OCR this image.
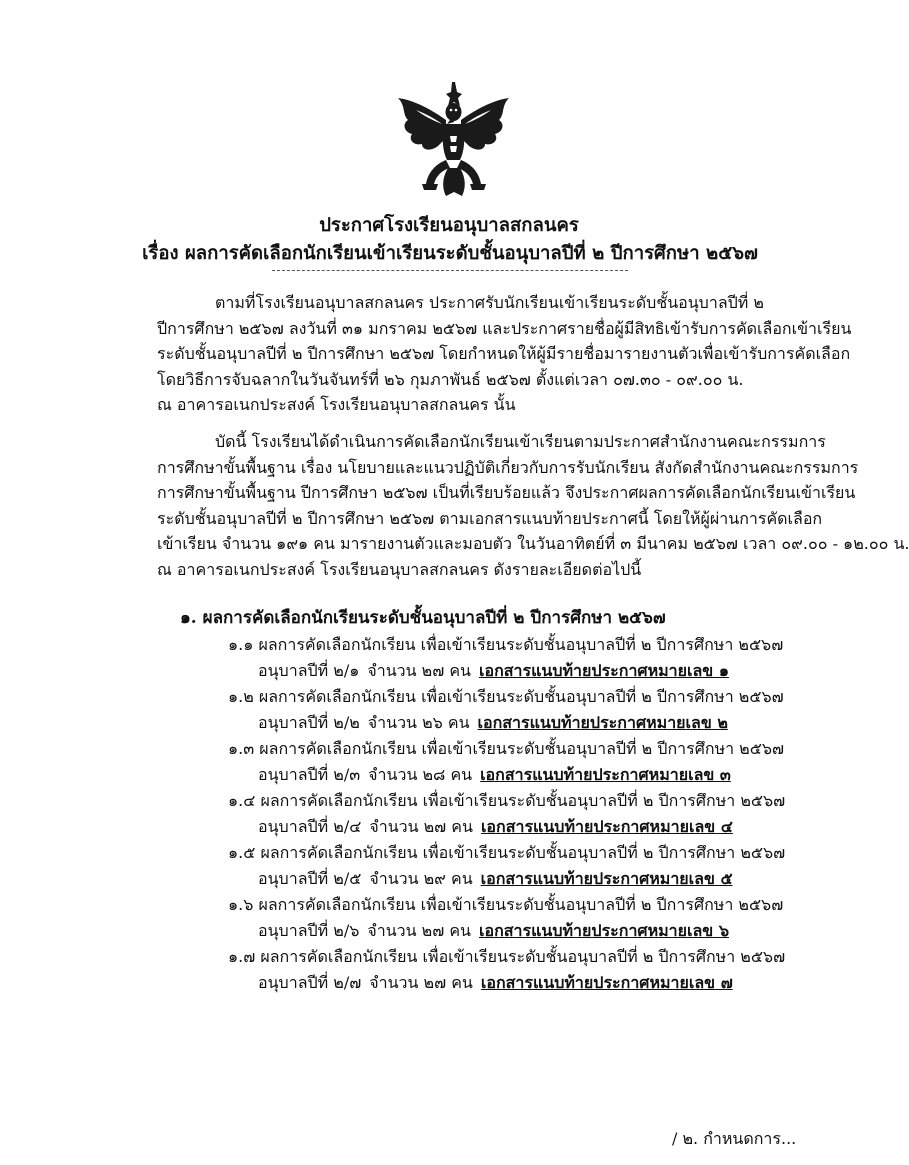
ประกาศโรงเรียนอนุบาลสกลนคร
เรื่อง ผลการคัดเลือกนักเรียนเข้าเรียนระดับชั้นอนุบาลปีที่ ๒ ปีการศึกษา ๒๕๖๗
ตามที่โรงเรียนอนุบาลสกลนคร ประกาศรับนักเรียนเข้าเรียนระดับชั้นอนุบาลปีที่ ๒
ปีการศึกษา ๒๕๖๗ ลงวันที่ ๓๑ มกราคม ๒๕๖๗ และประกาศรายชื่อผู้มีสิทธิเข้ารับการคัดเลือกเข้าเรียน
ระดับชั้นอนุบาลปีที่ ๒ ปีการศึกษา ๒๕๖๗ โดยกำหนดให้ผู้มีรายชื่อมารายงานตัวเพื่อเข้ารับการคัดเลือก
โดยวิธีการจับฉลากในวันจันทร์ที่ ๒๖ กุมภาพันธ์ ๒๕๖๗ ตั้งแต่เวลา ๐๗.๓๐ - ๐๙.๐๐ น.
ณ อาคารอเนกประสงค์ โรงเรียนอนุบาลสกลนคร นั้น
บัดนี้ โรงเรียนได้ดำเนินการคัดเลือกนักเรียนเข้าเรียนตามประกาศสำนักงานคณะกรรมการ
การศึกษาขั้นพื้นฐาน เรื่อง นโยบายและแนวปฏิบัติเกี่ยวกับการรับนักเรียน สังกัดสำนักงานคณะกรรมการ
การศึกษาขั้นพื้นฐาน ปีการศึกษา ๒๕๖๗ เป็นที่เรียบร้อยแล้ว จึงประกาศผลการคัดเลือกนักเรียนเข้าเรียน
ระดับชั้นอนุบาลปีที่ ๒ ปีการศึกษา ๒๕๖๗ ตามเอกสารแนบท้ายประกาศนี้ โดยให้ผู้ผ่านการคัดเลือก
เข้าเรียน จำนวน ๑๙๑ คน มารายงานตัวและมอบตัว ในวันอาทิตย์ที่ ๓ มีนาคม ๒๕๖๗ เวลา ๐๙.๐๐ - ๑๒.๐๐ น.
ณ อาคารอเนกประสงค์ โรงเรียนอนุบาลสกลนคร ดังรายละเอียดต่อไปนี้
๑. ผลการคัดเลือกนักเรียนระดับชั้นอนุบาลปีที่ ๒ ปีการศึกษา ๒๕๖๗
๑.๑ ผลการคัดเลือกนักเรียน เพื่อเข้าเรียนระดับชั้นอนุบาลปีที่ ๒ ปีการศึกษา ๒๕๖๗
อนุบาลปีที่ ๒/๑ จำนวน ๒๗ คน เอกสารแนบท้ายประกาศหมายเลข ๑
๑.๒ ผลการคัดเลือกนักเรียน เพื่อเข้าเรียนระดับชั้นอนุบาลปีที่ ๒ ปีการศึกษา ๒๕๖๗
อนุบาลปีที่ ๒/๒ จำนวน ๒๖ คน เอกสารแนบท้ายประกาศหมายเลข ๒
๑.๓ ผลการคัดเลือกนักเรียน เพื่อเข้าเรียนระดับชั้นอนุบาลปีที่ ๒ ปีการศึกษา ๒๕๖๗
อนุบาลปีที่ ๒/๓ จำนวน ๒๘ คน เอกสารแนบท้ายประกาศหมายเลข ๓
๑.๔ ผลการคัดเลือกนักเรียน เพื่อเข้าเรียนระดับชั้นอนุบาลปีที่ ๒ ปีการศึกษา ๒๕๖๗
อนุบาลปีที่ ๒/๔ จำนวน ๒๗ คน เอกสารแนบท้ายประกาศหมายเลข ๔
๑.๕ ผลการคัดเลือกนักเรียน เพื่อเข้าเรียนระดับชั้นอนุบาลปีที่ ๒ ปีการศึกษา ๒๕๖๗
อนุบาลปีที่ ๒/๕ จำนวน ๒๙ คน เอกสารแนบท้ายประกาศหมายเลข ๕
๑.๖ ผลการคัดเลือกนักเรียน เพื่อเข้าเรียนระดับชั้นอนุบาลปีที่ ๒ ปีการศึกษา ๒๕๖๗
อนุบาลปีที่ ๒/๖ จำนวน ๒๗ คน เอกสารแนบท้ายประกาศหมายเลข ๖
๑.๗ ผลการคัดเลือกนักเรียน เพื่อเข้าเรียนระดับชั้นอนุบาลปีที่ ๒ ปีการศึกษา ๒๕๖๗
อนุบาลปีที่ ๒/๗ จำนวน ๒๗ คน เอกสารแนบท้ายประกาศหมายเลข ๗
/ ๒. กำหนดการ...
